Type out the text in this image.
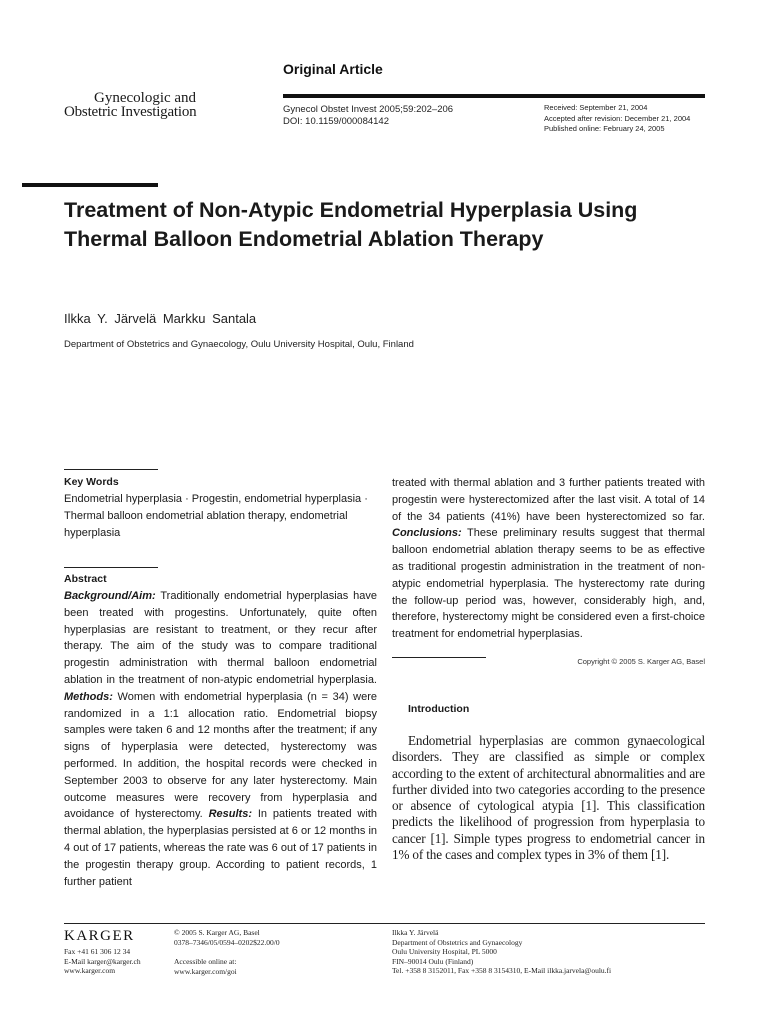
Gynecologic and
Obstetric Investigation
Original Article
Gynecol Obstet Invest 2005;59:202–206
DOI: 10.1159/000084142
Received: September 21, 2004
Accepted after revision: December 21, 2004
Published online: February 24, 2005
Treatment of Non-Atypic Endometrial Hyperplasia Using Thermal Balloon Endometrial Ablation Therapy
Ilkka Y. Järvelä Markku Santala
Department of Obstetrics and Gynaecology, Oulu University Hospital, Oulu, Finland
Key Words
Endometrial hyperplasia · Progestin, endometrial hyperplasia · Thermal balloon endometrial ablation therapy, endometrial hyperplasia
Abstract
Background/Aim: Traditionally endometrial hyperplasias have been treated with progestins. Unfortunately, quite often hyperplasias are resistant to treatment, or they recur after therapy. The aim of the study was to compare traditional progestin administration with thermal balloon endometrial ablation in the treatment of non-atypic endometrial hyperplasia. Methods: Women with endometrial hyperplasia (n = 34) were randomized in a 1:1 allocation ratio. Endometrial biopsy samples were taken 6 and 12 months after the treatment; if any signs of hyperplasia were detected, hysterectomy was performed. In addition, the hospital records were checked in September 2003 to observe for any later hysterectomy. Main outcome measures were recovery from hyperplasia and avoidance of hysterectomy. Results: In patients treated with thermal ablation, the hyperplasias persisted at 6 or 12 months in 4 out of 17 patients, whereas the rate was 6 out of 17 patients in the progestin therapy group. According to patient records, 1 further patient
treated with thermal ablation and 3 further patients treated with progestin were hysterectomized after the last visit. A total of 14 of the 34 patients (41%) have been hysterectomized so far. Conclusions: These preliminary results suggest that thermal balloon endometrial ablation therapy seems to be as effective as traditional progestin administration in the treatment of non-atypic endometrial hyperplasia. The hysterectomy rate during the follow-up period was, however, considerably high, and, therefore, hysterectomy might be considered even a first-choice treatment for endometrial hyperplasias.
Copyright © 2005 S. Karger AG, Basel
Introduction
Endometrial hyperplasias are common gynaecological disorders. They are classified as simple or complex according to the extent of architectural abnormalities and are further divided into two categories according to the presence or absence of cytological atypia [1]. This classification predicts the likelihood of progression from hyperplasia to cancer [1]. Simple types progress to endometrial cancer in 1% of the cases and complex types in 3% of them [1].
KARGER
Fax +41 61 306 12 34
E-Mail karger@karger.ch
www.karger.com
© 2005 S. Karger AG, Basel
0378–7346/05/0594–0202$22.00/0
Accessible online at:
www.karger.com/goi
Ilkka Y. Järvelä
Department of Obstetrics and Gynaecology
Oulu University Hospital, PL 5000
FIN–90014 Oulu (Finland)
Tel. +358 8 3152011, Fax +358 8 3154310, E-Mail ilkka.jarvela@oulu.fi
